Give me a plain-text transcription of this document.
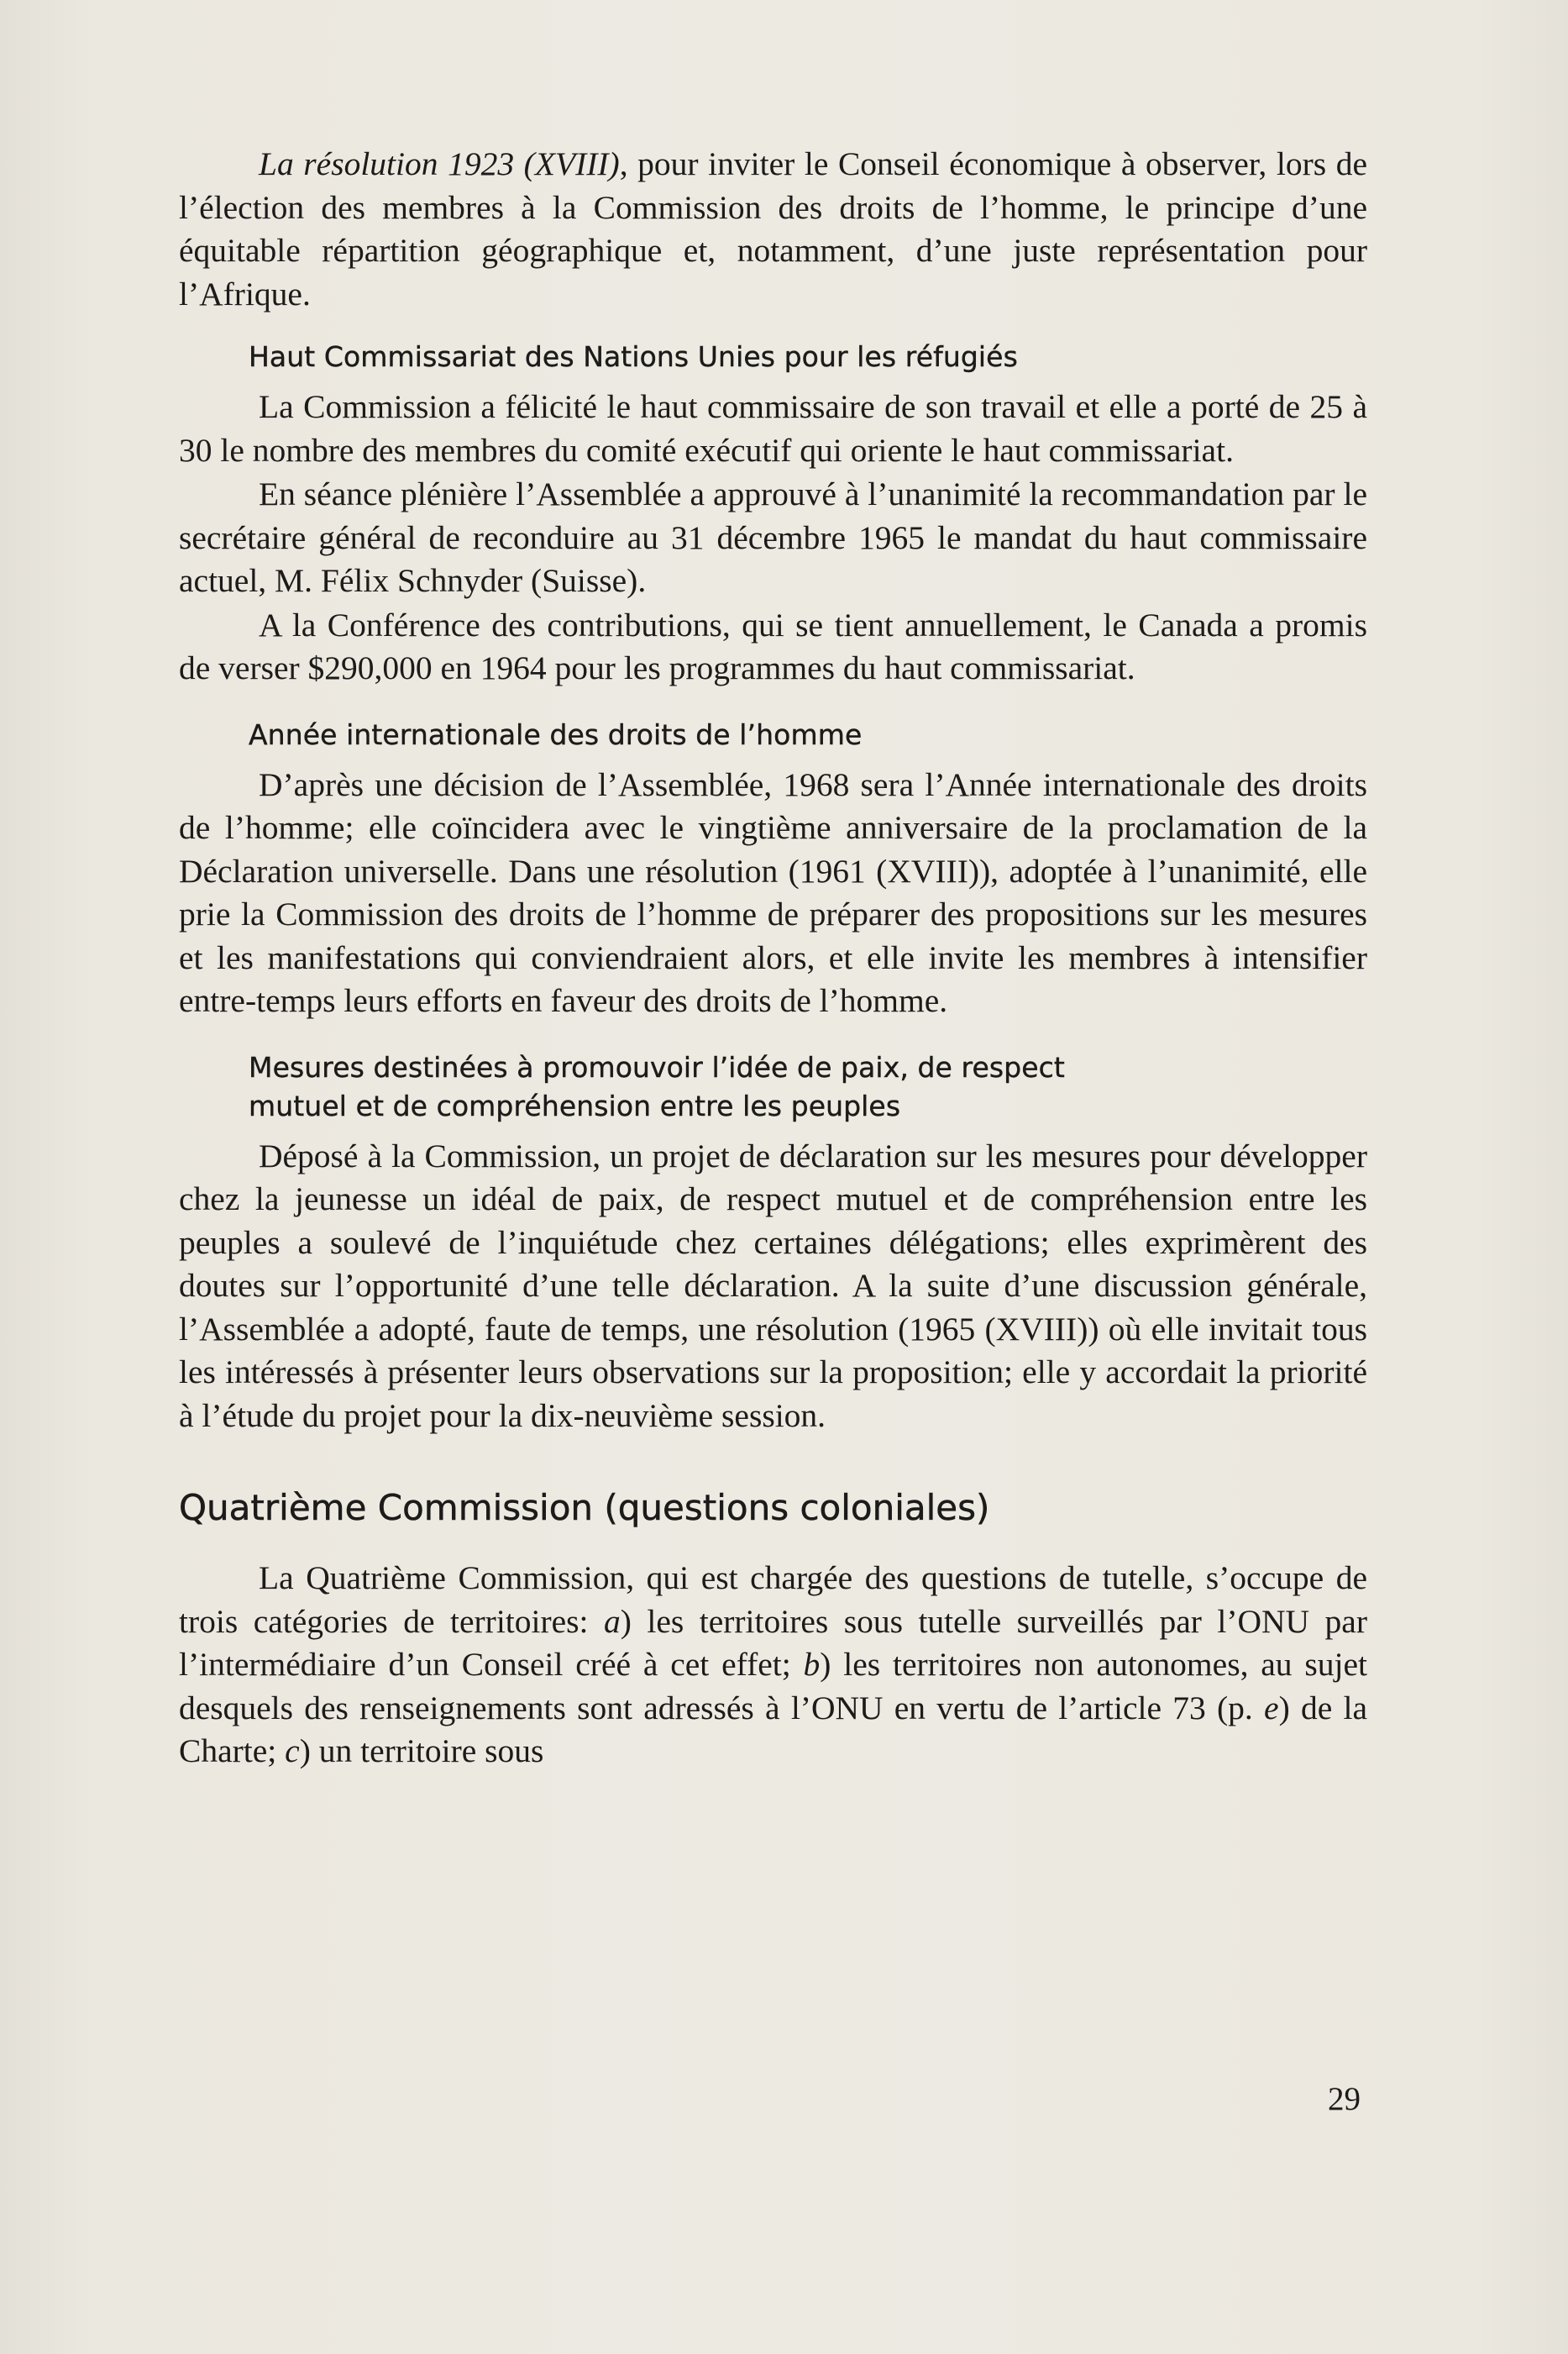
La résolution 1923 (XVIII), pour inviter le Conseil économique à observer, lors de l’élection des membres à la Commission des droits de l’homme, le principe d’une équitable répartition géographique et, notamment, d’une juste représentation pour l’Afrique.

Haut Commissariat des Nations Unies pour les réfugiés

La Commission a félicité le haut commissaire de son travail et elle a porté de 25 à 30 le nombre des membres du comité exécutif qui oriente le haut commissariat.

En séance plénière l’Assemblée a approuvé à l’unanimité la recommandation par le secrétaire général de reconduire au 31 décembre 1965 le mandat du haut commissaire actuel, M. Félix Schnyder (Suisse).

A la Conférence des contributions, qui se tient annuellement, le Canada a promis de verser $290,000 en 1964 pour les programmes du haut commissariat.

Année internationale des droits de l’homme

D’après une décision de l’Assemblée, 1968 sera l’Année internationale des droits de l’homme; elle coïncidera avec le vingtième anniversaire de la proclamation de la Déclaration universelle. Dans une résolution (1961 (XVIII)), adoptée à l’unanimité, elle prie la Commission des droits de l’homme de préparer des propositions sur les mesures et les manifestations qui conviendraient alors, et elle invite les membres à intensifier entre-temps leurs efforts en faveur des droits de l’homme.

Mesures destinées à promouvoir l’idée de paix, de respect mutuel et de compréhension entre les peuples

Déposé à la Commission, un projet de déclaration sur les mesures pour développer chez la jeunesse un idéal de paix, de respect mutuel et de compréhension entre les peuples a soulevé de l’inquiétude chez certaines délégations; elles exprimèrent des doutes sur l’opportunité d’une telle déclaration. A la suite d’une discussion générale, l’Assemblée a adopté, faute de temps, une résolution (1965 (XVIII)) où elle invitait tous les intéressés à présenter leurs observations sur la proposition; elle y accordait la priorité à l’étude du projet pour la dix-neuvième session.

Quatrième Commission (questions coloniales)

La Quatrième Commission, qui est chargée des questions de tutelle, s’occupe de trois catégories de territoires: a) les territoires sous tutelle surveillés par l’ONU par l’intermédiaire d’un Conseil créé à cet effet; b) les territoires non autonomes, au sujet desquels des renseignements sont adressés à l’ONU en vertu de l’article 73 (p. e) de la Charte; c) un territoire sous

29
